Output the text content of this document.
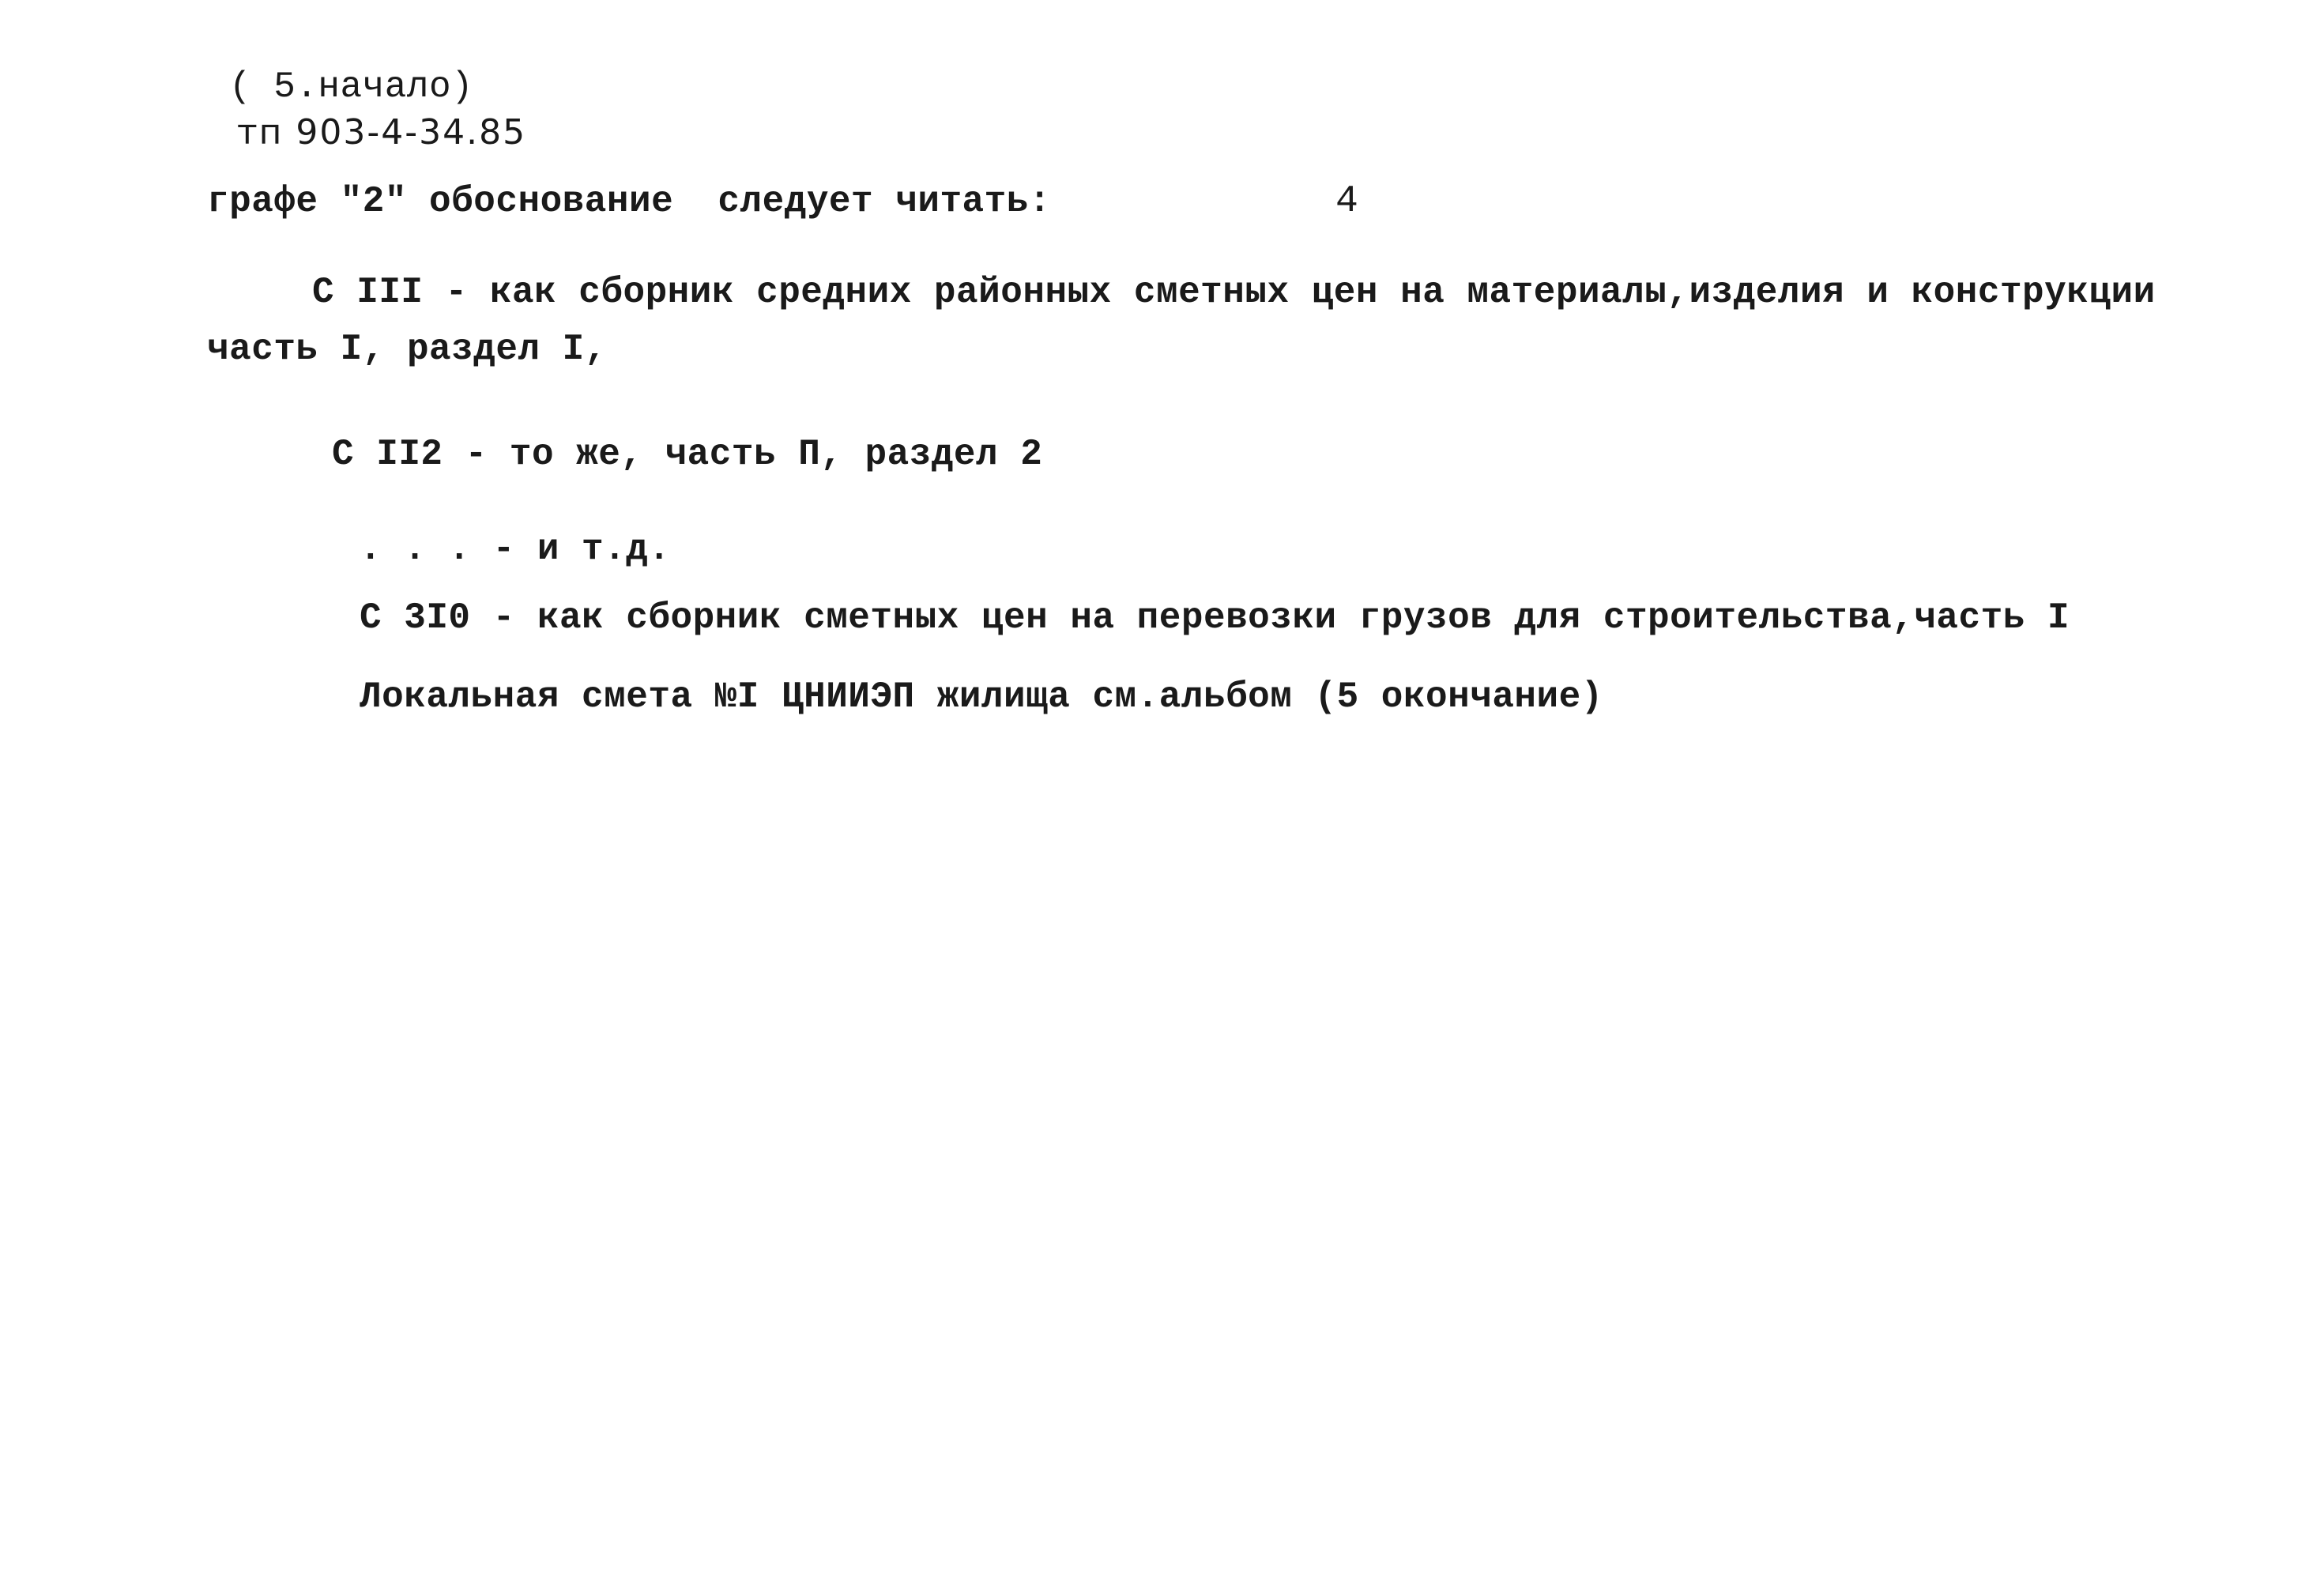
( 5.начало)
тп 903-4-34.85
графе "2" обоснование  следует читать:	4
С III - как сборник средних районных сметных цен на материалы,изделия и конструкции
часть I, раздел I,
С II2 - то же, часть П, раздел 2
. . . - и т.д.
С 3I0 - как сборник сметных цен на перевозки грузов для строительства,часть I
Локальная смета №I ЦНИИЭП жилища см.альбом (5 окончание)
